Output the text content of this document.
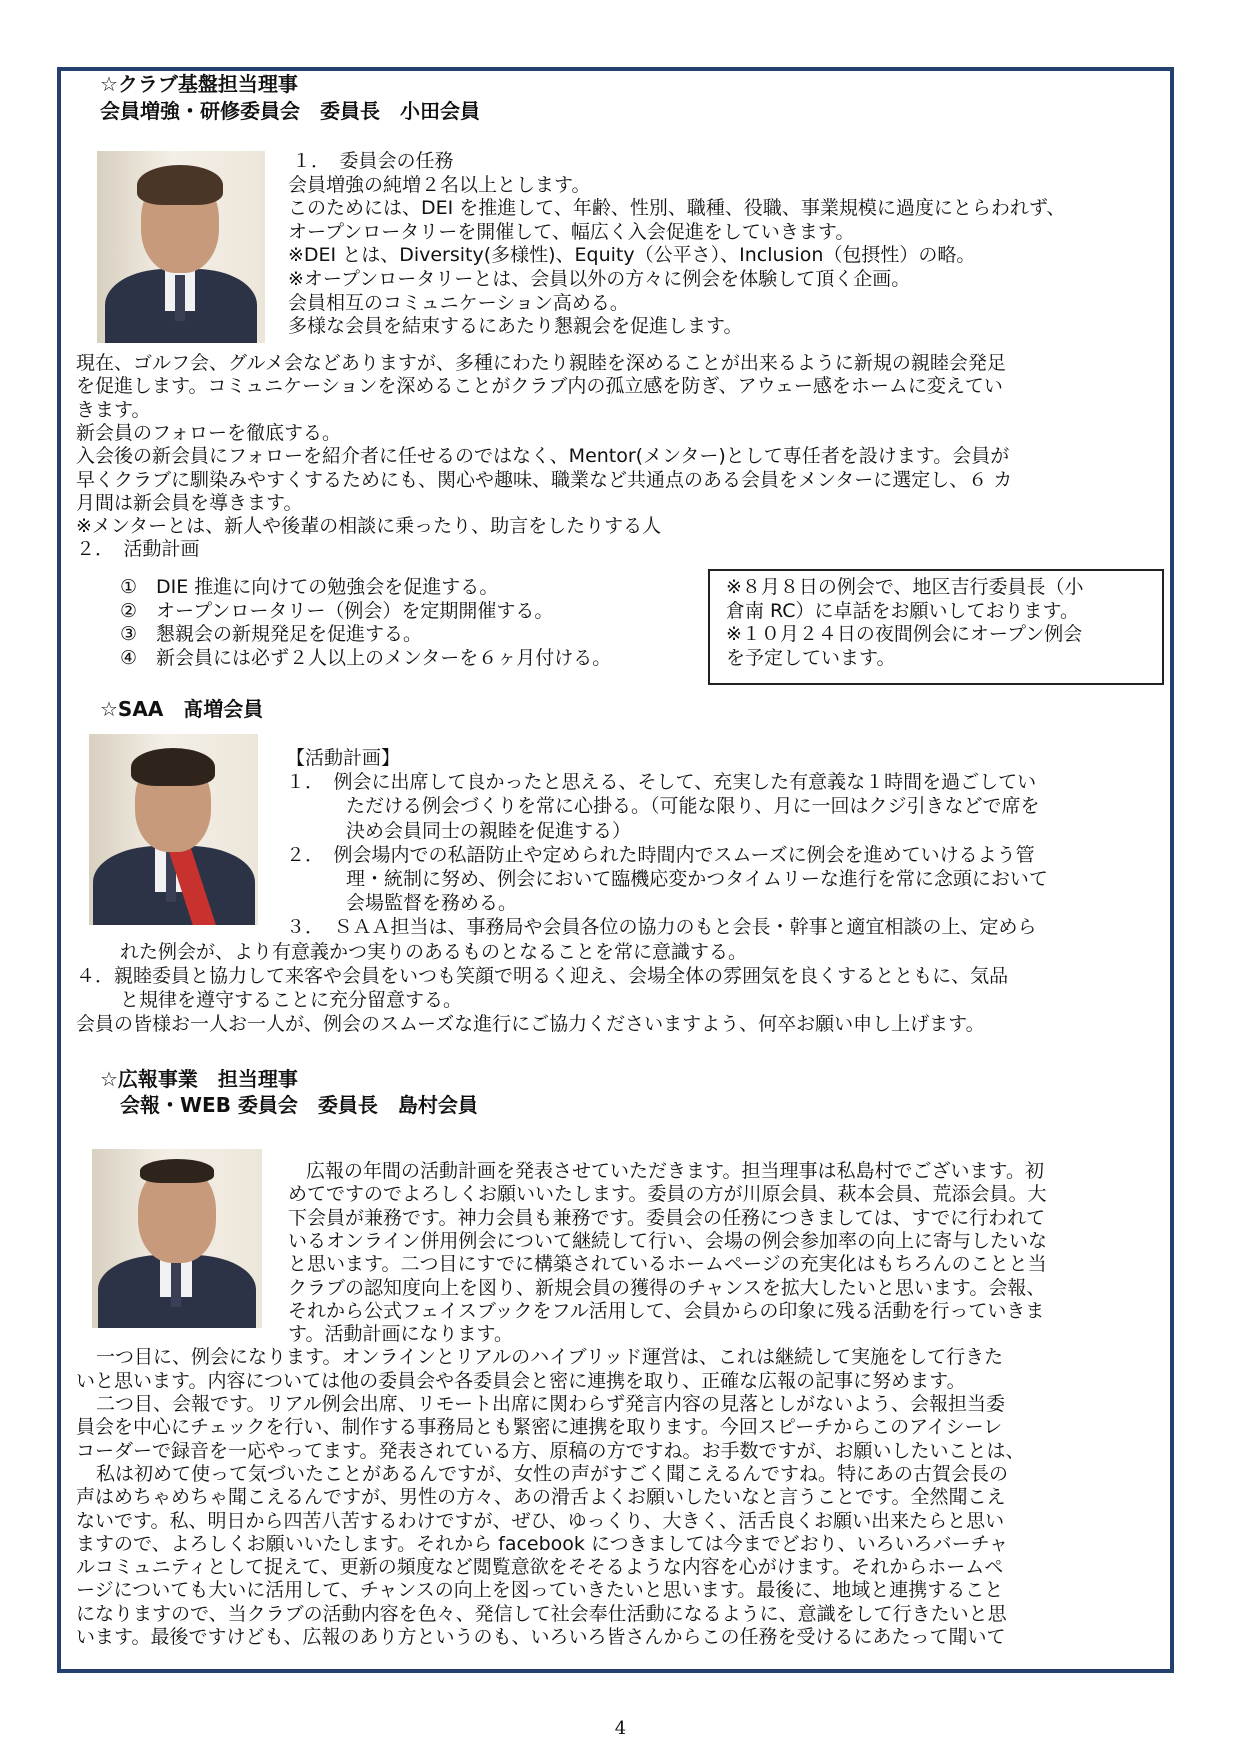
☆クラブ基盤担当理事
会員増強・研修委員会　委員長　小田会員
１．　委員会の任務
会員増強の純増２名以上とします。
このためには、DEI を推進して、年齢、性別、職種、役職、事業規模に過度にとらわれず、
オープンロータリーを開催して、幅広く入会促進をしていきます。
※DEI とは、Diversity(多様性)、Equity（公平さ）、Inclusion（包摂性）の略。
※オープンロータリーとは、会員以外の方々に例会を体験して頂く企画。
会員相互のコミュニケーション高める。
多様な会員を結束するにあたり懇親会を促進します。
現在、ゴルフ会、グルメ会などありますが、多種にわたり親睦を深めることが出来るように新規の親睦会発足
を促進します。コミュニケーションを深めることがクラブ内の孤立感を防ぎ、アウェー感をホームに変えてい
きます。
新会員のフォローを徹底する。
入会後の新会員にフォローを紹介者に任せるのではなく、Mentor(メンター)として専任者を設けます。会員が
早くクラブに馴染みやすくするためにも、関心や趣味、職業など共通点のある会員をメンターに選定し、６ カ
月間は新会員を導きます。
※メンターとは、新人や後輩の相談に乗ったり、助言をしたりする人
２．　活動計画
①　DIE 推進に向けての勉強会を促進する。
②　オープンロータリー（例会）を定期開催する。
③　懇親会の新規発足を促進する。
④　新会員には必ず２人以上のメンターを６ヶ月付ける。
※８月８日の例会で、地区吉行委員長（小
倉南 RC）に卓話をお願いしております。
※１０月２４日の夜間例会にオープン例会
を予定しています。
☆SAA　髙増会員
【活動計画】
１．　例会に出席して良かったと思える、そして、充実した有意義な１時間を過ごしてい
ただける例会づくりを常に心掛る。（可能な限り、月に一回はクジ引きなどで席を
決め会員同士の親睦を促進する）
２．　例会場内での私語防止や定められた時間内でスムーズに例会を進めていけるよう管
理・統制に努め、例会において臨機応変かつタイムリーな進行を常に念頭において
会場監督を務める。
３．　ＳＡＡ担当は、事務局や会員各位の協力のもと会長・幹事と適宜相談の上、定めら
れた例会が、より有意義かつ実りのあるものとなることを常に意識する。
４．親睦委員と協力して来客や会員をいつも笑顔で明るく迎え、会場全体の雰囲気を良くするとともに、気品
と規律を遵守することに充分留意する。
会員の皆様お一人お一人が、例会のスムーズな進行にご協力くださいますよう、何卒お願い申し上げます。
☆広報事業　担当理事
会報・WEB 委員会　委員長　島村会員
広報の年間の活動計画を発表させていただきます。担当理事は私島村でございます。初
めてですのでよろしくお願いいたします。委員の方が川原会員、萩本会員、荒添会員。大
下会員が兼務です。神力会員も兼務です。委員会の任務につきましては、すでに行われて
いるオンライン併用例会について継続して行い、会場の例会参加率の向上に寄与したいな
と思います。二つ目にすでに構築されているホームページの充実化はもちろんのことと当
クラブの認知度向上を図り、新規会員の獲得のチャンスを拡大したいと思います。会報、
それから公式フェイスブックをフル活用して、会員からの印象に残る活動を行っていきま
す。活動計画になります。
一つ目に、例会になります。オンラインとリアルのハイブリッド運営は、これは継続して実施をして行きた
いと思います。内容については他の委員会や各委員会と密に連携を取り、正確な広報の記事に努めます。
二つ目、会報です。リアル例会出席、リモート出席に関わらず発言内容の見落としがないよう、会報担当委
員会を中心にチェックを行い、制作する事務局とも緊密に連携を取ります。今回スピーチからこのアイシーレ
コーダーで録音を一応やってます。発表されている方、原稿の方ですね。お手数ですが、お願いしたいことは、
私は初めて使って気づいたことがあるんですが、女性の声がすごく聞こえるんですね。特にあの古賀会長の
声はめちゃめちゃ聞こえるんですが、男性の方々、あの滑舌よくお願いしたいなと言うことです。全然聞こえ
ないです。私、明日から四苦八苦するわけですが、ぜひ、ゆっくり、大きく、活舌良くお願い出来たらと思い
ますので、よろしくお願いいたします。それから facebook につきましては今までどおり、いろいろバーチャ
ルコミュニティとして捉えて、更新の頻度など閲覧意欲をそそるような内容を心がけます。それからホームペ
ージについても大いに活用して、チャンスの向上を図っていきたいと思います。最後に、地域と連携すること
になりますので、当クラブの活動内容を色々、発信して社会奉仕活動になるように、意識をして行きたいと思
います。最後ですけども、広報のあり方というのも、いろいろ皆さんからこの任務を受けるにあたって聞いて
4
